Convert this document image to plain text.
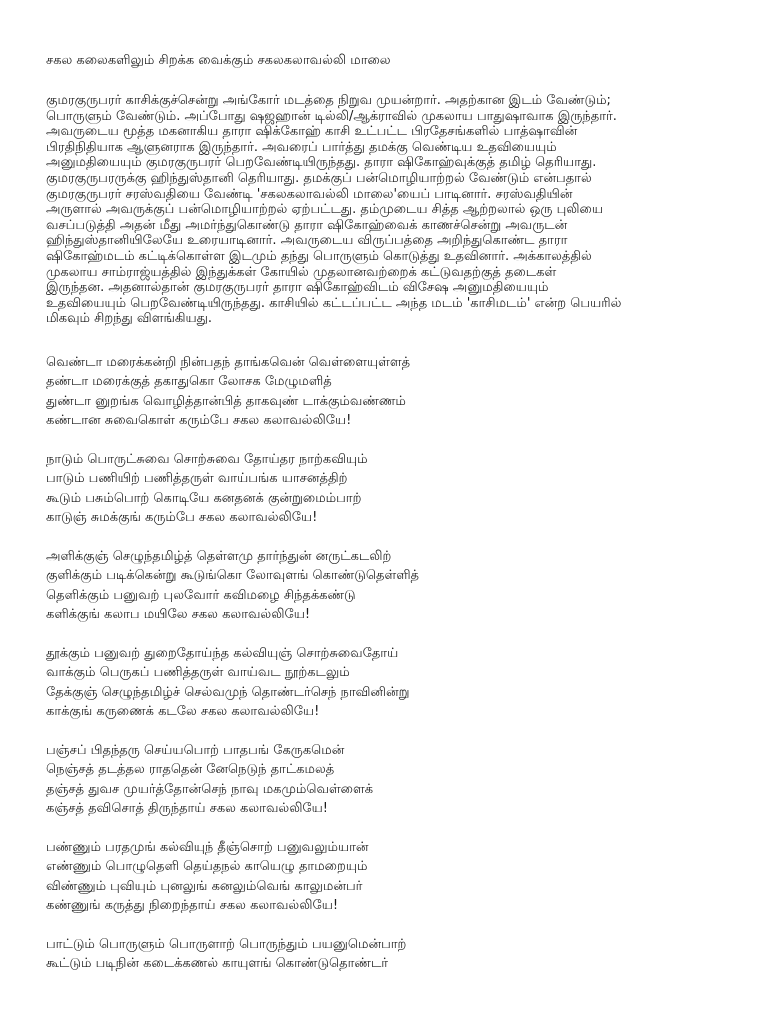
சகல கலைகளிலும் சிறக்க வைக்கும் சகலகலாவல்லி மாலை
குமரகுருபரர் காசிக்குச்சென்று அங்கோர் மடத்தை நிறுவ முயன்றார். அதற்கான இடம் வேண்டும்;
பொருளும் வேண்டும். அப்போது ஷஜஹான் டில்லி/ஆக்ராவில் முகலாய பாதுஷாவாக இருந்தார்.
அவருடைய மூத்த மகனாகிய தாரா ஷிக்கோஹ் காசி உட்பட்ட பிரதேசங்களில் பாத்ஷாவின்
பிரதிநிதியாக ஆளுனராக இருந்தார். அவரைப் பார்த்து தமக்கு வெண்டிய உதவியையும்
அனுமதியையும் குமரகுருபரர் பெறவேண்டியிருந்தது. தாரா ஷிகோஹ்வுக்குத் தமிழ் தெரியாது.
குமரகுருபரருக்கு ஹிந்துஸ்தானி தெரியாது. தமக்குப் பன்மொழியாற்றல் வேண்டும் என்பதால்
குமரகுருபரர் சரஸ்வதியை வேண்டி 'சகலகலாவல்லி மாலை'யைப் பாடினார். சரஸ்வதியின்
அருளால் அவருக்குப் பன்மொழியாற்றல் ஏற்பட்டது. தம்முடைய சித்த ஆற்றலால் ஒரு புலியை
வசப்படுத்தி அதன் மீது அமர்ந்துகொண்டு தாரா ஷிகோஹ்வைக் காணச்சென்று அவருடன்
ஹிந்துஸ்தானியிலேயே உரையாடினார். அவருடைய விருப்பத்தை அறிந்துகொண்ட தாரா
ஷிகோஹ்மடம் கட்டிக்கொள்ள இடமும் தந்து பொருளும் கொடுத்து உதவினார். அக்காலத்தில்
முகலாய சாம்ராஜ்யத்தில் இந்துக்கள் கோயில் முதலானவற்றைக் கட்டுவதற்குத் தடைகள்
இருந்தன. அதனால்தான் குமரகுருபரர் தாரா ஷிகோஹ்விடம் விசேஷ அனுமதியையும்
உதவியையும் பெறவேண்டியிருந்தது. காசியில் கட்டப்பட்ட அந்த மடம் 'காசிமடம்' என்ற பெயரில்
மிகவும் சிறந்து விளங்கியது.
வெண்டா மரைக்கன்றி நின்பதந் தாங்கவென் வெள்ளையுள்ளத்
தண்டா மரைக்குத் தகாதுகொ லோசக மேழுமளித்
துண்டா னுறங்க வொழித்தான்பித் தாகவுண் டாக்கும்வண்ணம்
கண்டான சுவைகொள் கரும்பே சகல கலாவல்லியே!
நாடும் பொருட்சுவை சொற்சுவை தோய்தர நாற்கவியும்
பாடும் பணியிற் பணித்தருள் வாய்பங்க யாசனத்திற்
கூடும் பசும்பொற் கொடியே கனதனக் குன்றுமைம்பாற்
காடுஞ் சுமக்குங் கரும்பே சகல கலாவல்லியே!
அளிக்குஞ் செழுந்தமிழ்த் தெள்ளமு தார்ந்துன் னருட்கடலிற்
குளிக்கும் படிக்கென்று கூடுங்கொ லோவுளங் கொண்டுதெள்ளித்
தெளிக்கும் பனுவற் புலவோர் கவிமழை சிந்தக்கண்டு
களிக்குங் கலாப மயிலே சகல கலாவல்லியே!
தூக்கும் பனுவற் துறைதோய்ந்த கல்வியுஞ் சொற்சுவைதோய்
வாக்கும் பெருகப் பணித்தருள் வாய்வட நூற்கடலும்
தேக்குஞ் செழுந்தமிழ்ச் செல்வமுந் தொண்டர்செந் நாவினின்று
காக்குங் கருணைக் கடலே சகல கலாவல்லியே!
பஞ்சப் பிதந்தரு செய்யபொற் பாதபங் கேருகமென்
நெஞ்சத் தடத்தல ராததென் னேநெடுந் தாட்கமலத்
தஞ்சத் துவச முயர்த்தோன்செந் நாவு மகமும்வெள்ளைக்
கஞ்சத் தவிசொத் திருந்தாய் சகல கலாவல்லியே!
பண்ணும் பரதமுங் கல்வியுந் தீஞ்சொற் பனுவலும்யான்
எண்ணும் பொழுதெளி தெய்தநல் காயெழு தாமறையும்
விண்ணும் புவியும் புனலுங் கனலும்வெங் காலுமன்பர்
கண்ணுங் கருத்து நிறைந்தாய் சகல கலாவல்லியே!
பாட்டும் பொருளும் பொருளாற் பொருந்தும் பயனுமென்பாற்
கூட்டும் படிநின் கடைக்கணல் காயுளங் கொண்டுதொண்டர்
